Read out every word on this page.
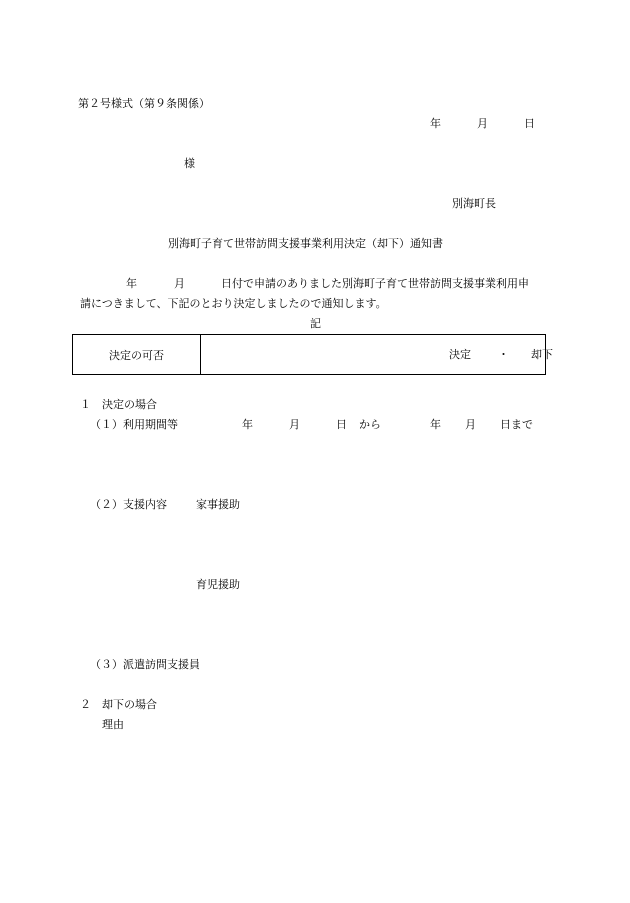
第２号様式（第９条関係）
年	月	日
様
別海町長
別海町子育て世帯訪問支援事業利用決定（却下）通知書
年	月	日付で申請のありました別海町子育て世帯訪問支援事業利用申
請につきまして、下記のとおり決定しましたので通知します。
記
決定の可否	決定 ・ 却下
１　決定の場合
（１）利用期間等	年	月	日 から	年 月 日まで
（２）支援内容	家事援助
育児援助
（３）派遣訪問支援員
２　却下の場合
理由
